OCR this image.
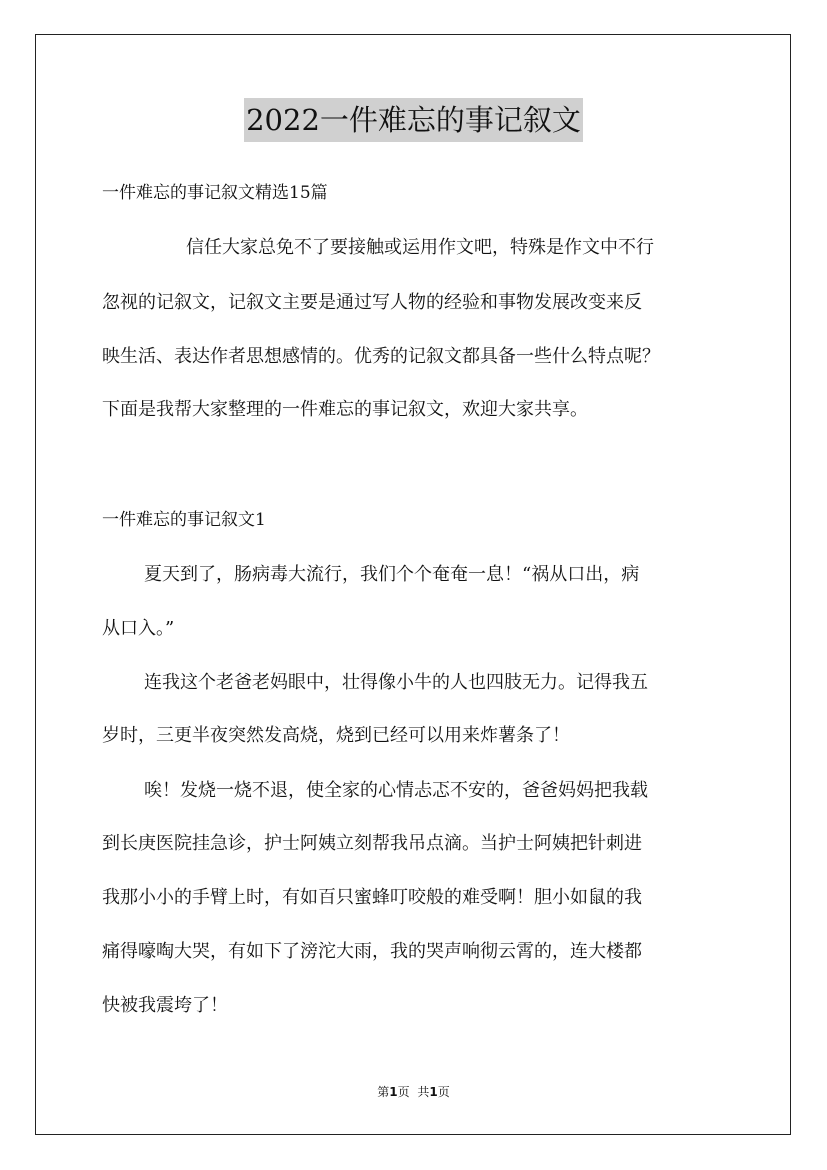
2022一件难忘的事记叙文
一件难忘的事记叙文精选15篇
信任大家总免不了要接触或运用作文吧，特殊是作文中不行
忽视的记叙文，记叙文主要是通过写人物的经验和事物发展改变来反
映生活、表达作者思想感情的。优秀的记叙文都具备一些什么特点呢？
下面是我帮大家整理的一件难忘的事记叙文，欢迎大家共享。
一件难忘的事记叙文1
夏天到了，肠病毒大流行，我们个个奄奄一息！“祸从口出，病
从口入。”
连我这个老爸老妈眼中，壮得像小牛的人也四肢无力。记得我五
岁时，三更半夜突然发高烧，烧到已经可以用来炸薯条了！
唉！发烧一烧不退，使全家的心情忐忑不安的，爸爸妈妈把我载
到长庚医院挂急诊，护士阿姨立刻帮我吊点滴。当护士阿姨把针刺进
我那小小的手臂上时，有如百只蜜蜂叮咬般的难受啊！胆小如鼠的我
痛得嚎啕大哭，有如下了滂沱大雨，我的哭声响彻云霄的，连大楼都
快被我震垮了！
第1页 共1页
